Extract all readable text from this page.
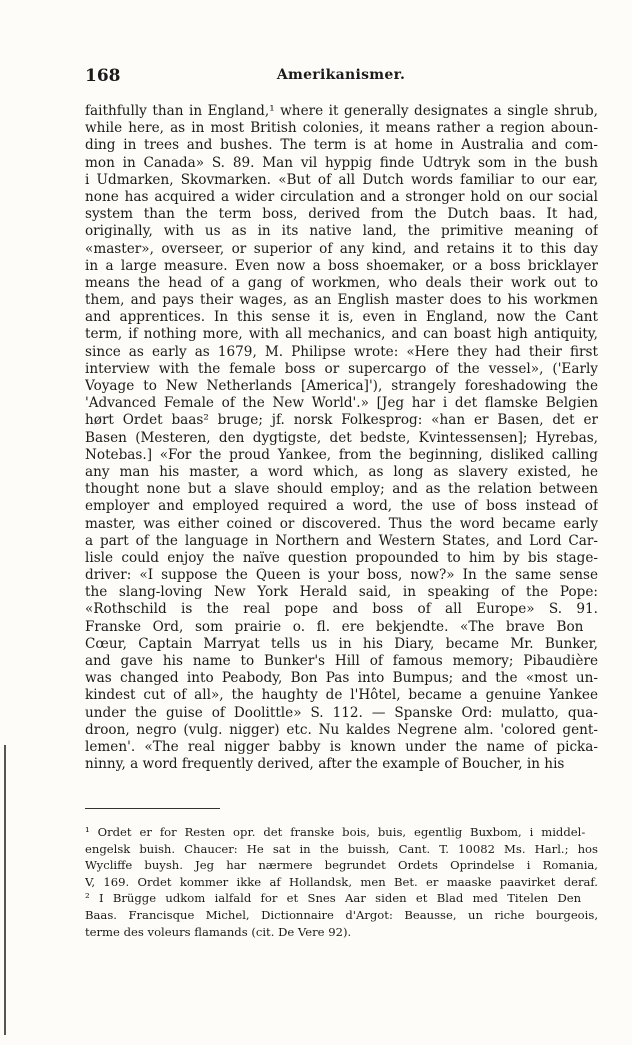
168	Amerikanismer.
faithfully than in England,¹ where it generally designates a single shrub,
while here, as in most British colonies, it means rather a region aboun-
ding in trees and bushes. The term is at home in Australia and com-
mon in Canada» S. 89. Man vil hyppig finde Udtryk som in the bush
i Udmarken, Skovmarken. «But of all Dutch words familiar to our ear,
none has acquired a wider circulation and a stronger hold on our social
system than the term boss, derived from the Dutch baas. It had,
originally, with us as in its native land, the primitive meaning of
«master», overseer, or superior of any kind, and retains it to this day
in a large measure. Even now a boss shoemaker, or a boss bricklayer
means the head of a gang of workmen, who deals their work out to
them, and pays their wages, as an English master does to his workmen
and apprentices. In this sense it is, even in England, now the Cant
term, if nothing more, with all mechanics, and can boast high antiquity,
since as early as 1679, M. Philipse wrote: «Here they had their first
interview with the female boss or supercargo of the vessel», ('Early
Voyage to New Netherlands [America]'), strangely foreshadowing the
'Advanced Female of the New World'.» [Jeg har i det flamske Belgien
hørt Ordet baas² bruge; jf. norsk Folkesprog: «han er Basen, det er
Basen (Mesteren, den dygtigste, det bedste, Kvintessensen]; Hyrebas,
Notebas.] «For the proud Yankee, from the beginning, disliked calling
any man his master, a word which, as long as slavery existed, he
thought none but a slave should employ; and as the relation between
employer and employed required a word, the use of boss instead of
master, was either coined or discovered. Thus the word became early
a part of the language in Northern and Western States, and Lord Car-
lisle could enjoy the naïve question propounded to him by bis stage-
driver: «I suppose the Queen is your boss, now?» In the same sense
the slang-loving New York Herald said, in speaking of the Pope:
«Rothschild is the real pope and boss of all Europe» S. 91.
Franske Ord, som prairie o. fl. ere bekjendte. «The brave Bon
Cœur, Captain Marryat tells us in his Diary, became Mr. Bunker,
and gave his name to Bunker's Hill of famous memory; Pibaudière
was changed into Peabody, Bon Pas into Bumpus; and the «most un-
kindest cut of all», the haughty de l'Hôtel, became a genuine Yankee
under the guise of Doolittle» S. 112. — Spanske Ord: mulatto, qua-
droon, negro (vulg. nigger) etc. Nu kaldes Negrene alm. 'colored gent-
lemen'. «The real nigger babby is known under the name of picka-
ninny, a word frequently derived, after the example of Boucher, in his
¹ Ordet er for Resten opr. det franske bois, buis, egentlig Buxbom, i middel-
engelsk buish. Chaucer: He sat in the buissh, Cant. T. 10082 Ms. Harl.; hos
Wycliffe buysh. Jeg har nærmere begrundet Ordets Oprindelse i Romania,
V, 169. Ordet kommer ikke af Hollandsk, men Bet. er maaske paavirket deraf.
² I Brügge udkom ialfald for et Snes Aar siden et Blad med Titelen Den
Baas. Francisque Michel, Dictionnaire d'Argot: Beausse, un riche bourgeois,
terme des voleurs flamands (cit. De Vere 92).
